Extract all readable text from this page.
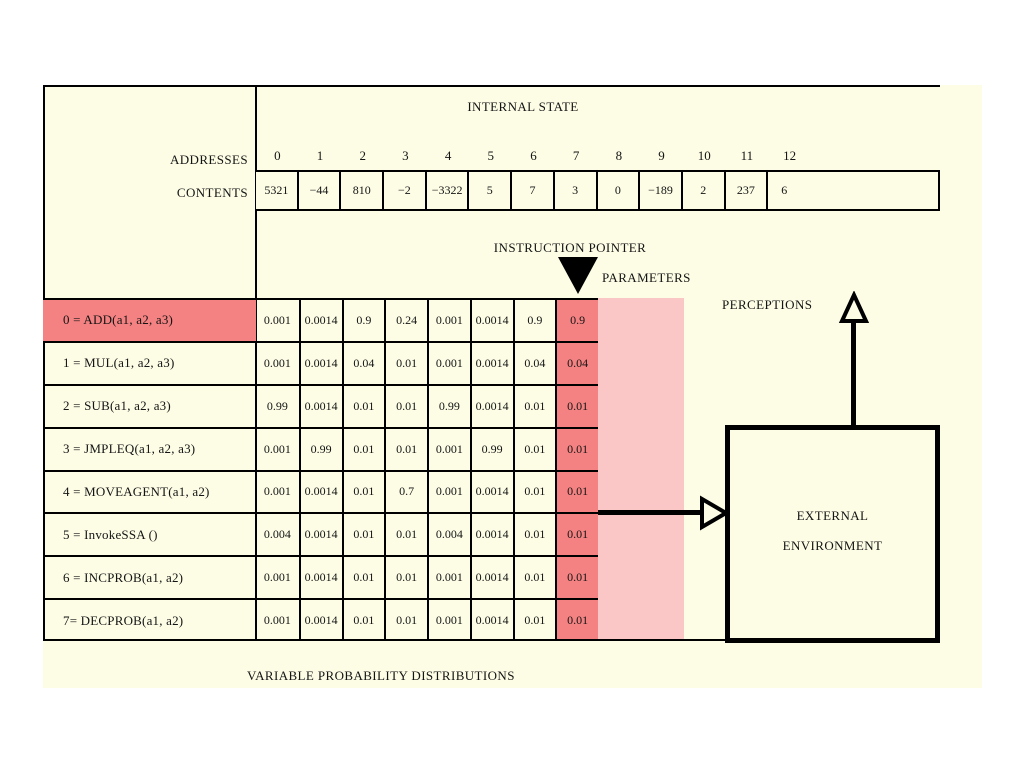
INTERNAL STATE
ADDRESSES
CONTENTS
0	1	2	3	4	5	6	7	8	9	10	11	12
5321	−44	810	−2	−3322	5	7	3	0	−189	2	237	6
INSTRUCTION POINTER
PARAMETERS
PERCEPTIONS
0 = ADD(a1, a2, a3)	0.001	0.0014	0.9	0.24	0.001	0.0014	0.9	0.9
1 = MUL(a1, a2, a3)	0.001	0.0014	0.04	0.01	0.001	0.0014	0.04	0.04
2 = SUB(a1, a2, a3)	0.99	0.0014	0.01	0.01	0.99	0.0014	0.01	0.01
3 = JMPLEQ(a1, a2, a3)	0.001	0.99	0.01	0.01	0.001	0.99	0.01	0.01
4 = MOVEAGENT(a1, a2)	0.001	0.0014	0.01	0.7	0.001	0.0014	0.01	0.01
5 = InvokeSSA ()	0.004	0.0014	0.01	0.01	0.004	0.0014	0.01	0.01
6 = INCPROB(a1, a2)	0.001	0.0014	0.01	0.01	0.001	0.0014	0.01	0.01
7= DECPROB(a1, a2)	0.001	0.0014	0.01	0.01	0.001	0.0014	0.01	0.01
EXTERNAL
ENVIRONMENT
VARIABLE PROBABILITY DISTRIBUTIONS
